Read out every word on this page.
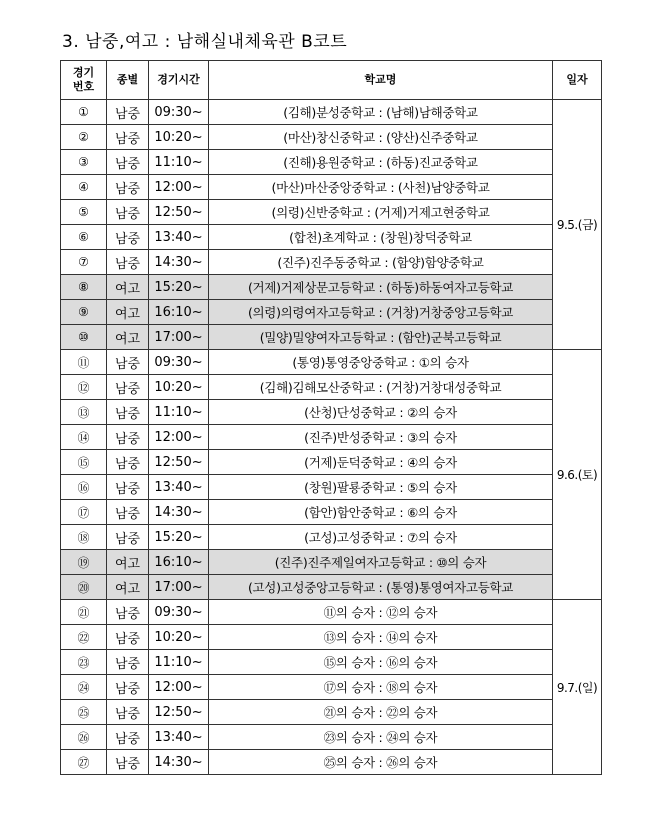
3. 남중,여고 : 남해실내체육관 B코트
경기
번호	종별	경기시간	학교명	일자
①	남중	09:30~	(김해)분성중학교 : (남해)남해중학교	9.5.(금)
②	남중	10:20~	(마산)창신중학교 : (양산)신주중학교	
③	남중	11:10~	(진해)용원중학교 : (하동)진교중학교	
④	남중	12:00~	(마산)마산중앙중학교 : (사천)남양중학교	
⑤	남중	12:50~	(의령)신반중학교 : (거제)거제고현중학교	
⑥	남중	13:40~	(합천)초계학교 : (창원)창덕중학교	
⑦	남중	14:30~	(진주)진주동중학교 : (함양)함양중학교	
⑧	여고	15:20~	(거제)거제상문고등학교 : (하동)하동여자고등학교	
⑨	여고	16:10~	(의령)의령여자고등학교 : (거창)거창중앙고등학교	
⑩	여고	17:00~	(밀양)밀양여자고등학교 : (함안)군북고등학교	
⑪	남중	09:30~	(통영)통영중앙중학교 : ①의 승자	9.6.(토)
⑫	남중	10:20~	(김해)김해모산중학교 : (거창)거창대성중학교	
⑬	남중	11:10~	(산청)단성중학교 : ②의 승자	
⑭	남중	12:00~	(진주)반성중학교 : ③의 승자	
⑮	남중	12:50~	(거제)둔덕중학교 : ④의 승자	
⑯	남중	13:40~	(창원)팔룡중학교 : ⑤의 승자	
⑰	남중	14:30~	(함안)함안중학교 : ⑥의 승자	
⑱	남중	15:20~	(고성)고성중학교 : ⑦의 승자	
⑲	여고	16:10~	(진주)진주제일여자고등학교 : ⑩의 승자	
⑳	여고	17:00~	(고성)고성중앙고등학교 : (통영)통영여자고등학교	
㉑	남중	09:30~	⑪의 승자 : ⑫의 승자	9.7.(일)
㉒	남중	10:20~	⑬의 승자 : ⑭의 승자	
㉓	남중	11:10~	⑮의 승자 : ⑯의 승자	
㉔	남중	12:00~	⑰의 승자 : ⑱의 승자	
㉕	남중	12:50~	㉑의 승자 : ㉒의 승자	
㉖	남중	13:40~	㉓의 승자 : ㉔의 승자	
㉗	남중	14:30~	㉕의 승자 : ㉖의 승자	
